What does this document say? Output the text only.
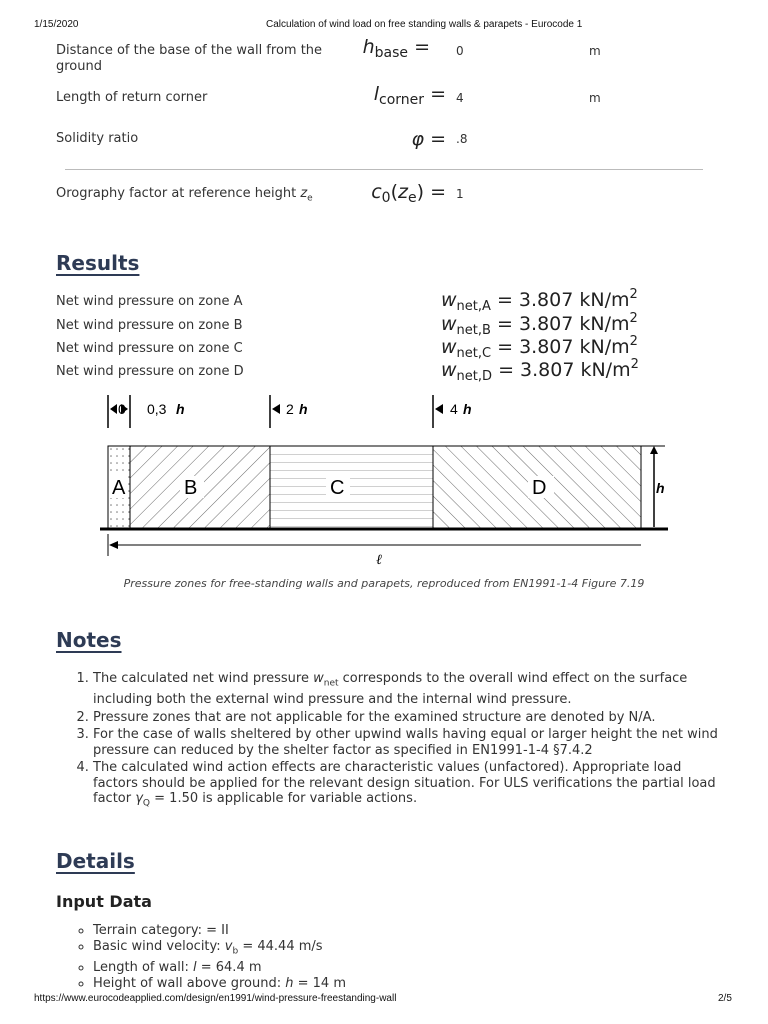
1/15/2020	Calculation of wind load on free standing walls & parapets - Eurocode 1
Distance of the base of the wall from the ground
$h_{base} = 0$	m
Length of return corner	$l_{corner} = 4$	m
Solidity ratio	φ = .8
Orography factor at reference height $z_e$	$c_0(z_e) = 1$
Results
Net wind pressure on zone A	$w_{net,A} = 3.807$ $kN/m^2$
Net wind pressure on zone B	$w_{net,B} = 3.807$ $kN/m^2$
Net wind pressure on zone C	$w_{net,C} = 3.807$ $kN/m^2$
Net wind pressure on zone D	$w_{net,D} = 3.807$ $kN/m^2$
0 0,3 h	2 h	4 h
A	B	C	D	h
ℓ
Pressure zones for free-standing walls and parapets, reproduced from EN1991-1-4 Figure 7.19
Notes
1. The calculated net wind pressure $w_{net}$ corresponds to the overall wind effect on the surface including both the external wind pressure and the internal wind pressure.
2. Pressure zones that are not applicable for the examined structure are denoted by N/A.
3. For the case of walls sheltered by other upwind walls having equal or larger height the net wind pressure can reduced by the shelter factor as specified in EN1991-1-4 §7.4.2
4. The calculated wind action effects are characteristic values (unfactored). Appropriate load factors should be applied for the relevant design situation. For ULS verifications the partial load factor $\gamma_Q = 1.50$ is applicable for variable actions.
Details
Input Data
◦ Terrain category: = II
◦ Basic wind velocity: $v_b = 44.44$ m/s
◦ Length of wall: l = 64.4 m
◦ Height of wall above ground: h = 14 m
https://www.eurocodeapplied.com/design/en1991/wind-pressure-freestanding-wall	2/5
